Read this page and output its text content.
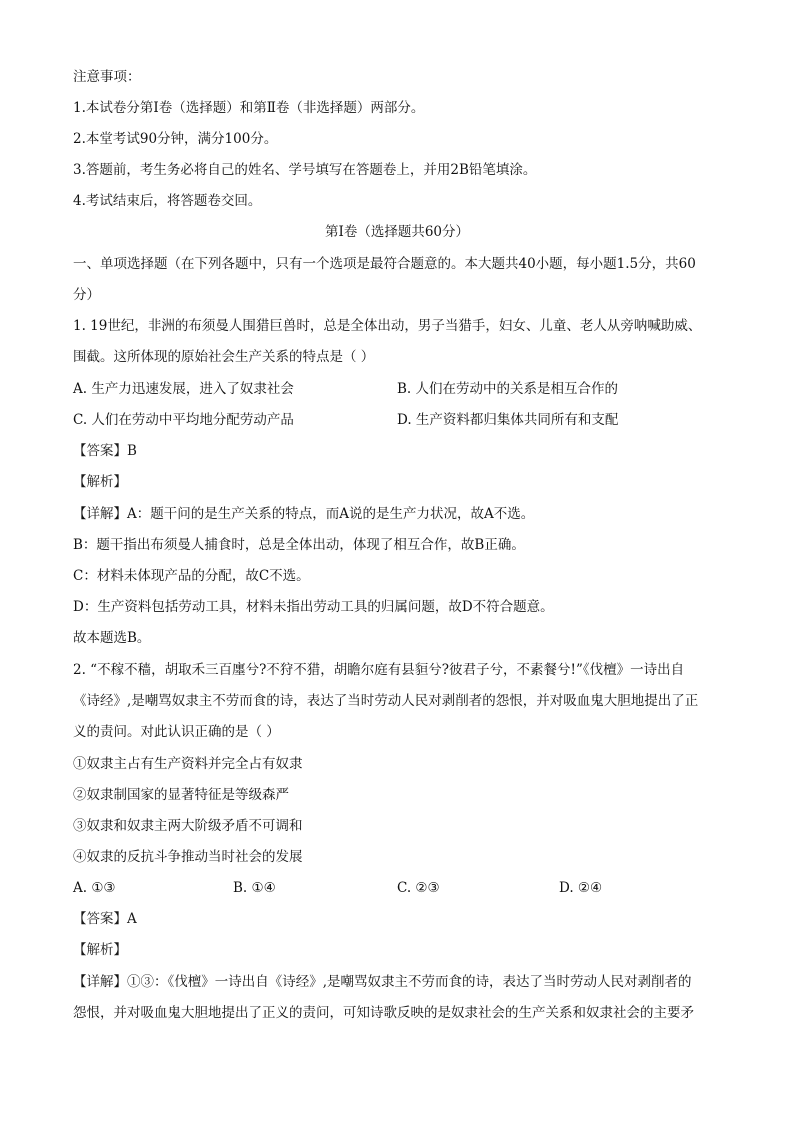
注意事项：
1.本试卷分第Ⅰ卷（选择题）和第Ⅱ卷（非选择题）两部分。
2.本堂考试90分钟，满分100分。
3.答题前，考生务必将自己的姓名、学号填写在答题卷上，并用2B铅笔填涂。
4.考试结束后，将答题卷交回。
第Ⅰ卷（选择题共60分）
一、单项选择题（在下列各题中，只有一个选项是最符合题意的。本大题共40小题，每小题1.5分，共60
分）
1. 19世纪，非洲的布须曼人围猎巨兽时，总是全体出动，男子当猎手，妇女、儿童、老人从旁呐喊助威、
围截。这所体现的原始社会生产关系的特点是（ ）
A. 生产力迅速发展，进入了奴隶社会	B. 人们在劳动中的关系是相互合作的
C. 人们在劳动中平均地分配劳动产品	D. 生产资料都归集体共同所有和支配
【答案】B
【解析】
【详解】A：题干问的是生产关系的特点，而A说的是生产力状况，故A不选。
B：题干指出布须曼人捕食时，总是全体出动，体现了相互合作，故B正确。
C：材料未体现产品的分配，故C不选。
D：生产资料包括劳动工具，材料未指出劳动工具的归属问题，故D不符合题意。
故本题选B。
2. “不稼不穑，胡取禾三百廛兮?不狩不猎，胡瞻尔庭有县貆兮?彼君子兮，不素餐兮!”《伐檀》一诗出自
《诗经》,是嘲骂奴隶主不劳而食的诗，表达了当时劳动人民对剥削者的怨恨，并对吸血鬼大胆地提出了正
义的责问。对此认识正确的是（ ）
①奴隶主占有生产资料并完全占有奴隶
②奴隶制国家的显著特征是等级森严
③奴隶和奴隶主两大阶级矛盾不可调和
④奴隶的反抗斗争推动当时社会的发展
A. ①③	B. ①④	C. ②③	D. ②④
【答案】A
【解析】
【详解】①③：《伐檀》一诗出自《诗经》,是嘲骂奴隶主不劳而食的诗，表达了当时劳动人民对剥削者的
怨恨，并对吸血鬼大胆地提出了正义的责问，可知诗歌反映的是奴隶社会的生产关系和奴隶社会的主要矛
